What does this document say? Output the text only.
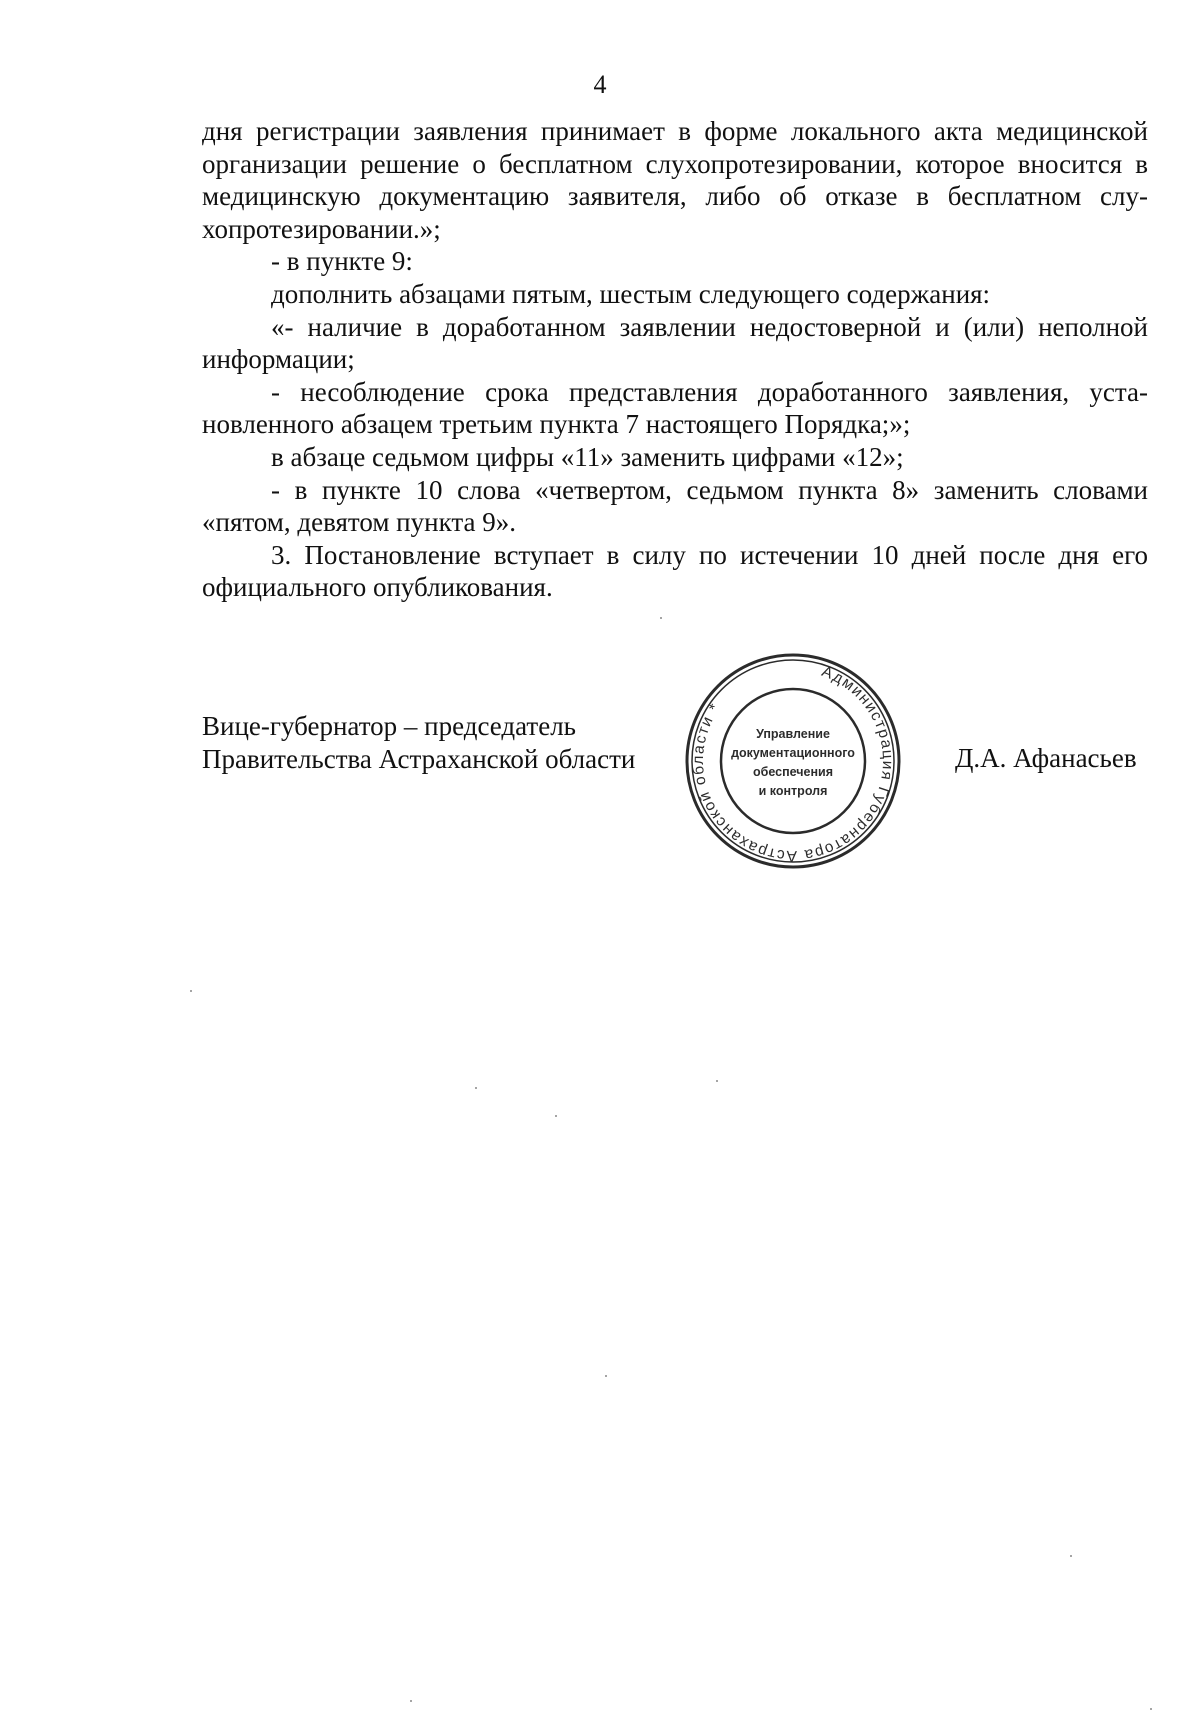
4

дня регистрации заявления принимает в форме локального акта медицинской организации решение о бесплатном слухопротезировании, которое вносится в медицинскую документацию заявителя, либо об отказе в бесплатном слу- хопротезировании.»;

- в пункте 9:

дополнить абзацами пятым, шестым следующего содержания:

«- наличие в доработанном заявлении недостоверной и (или) неполной информации;

- несоблюдение срока представления доработанного заявления, уста- новленного абзацем третьим пункта 7 настоящего Порядка;»;

в абзаце седьмом цифры «11» заменить цифрами «12»;

- в пункте 10 слова «четвертом, седьмом пункта 8» заменить словами «пятом, девятом пункта 9».

3. Постановление вступает в силу по истечении 10 дней после дня его официального опубликования.

Вице-губернатор – председатель
Правительства Астраханской области
Администрация Губернатора Астраханской области *
Управление
документационного
обеспечения
и контроля
Д.А. Афанасьев
